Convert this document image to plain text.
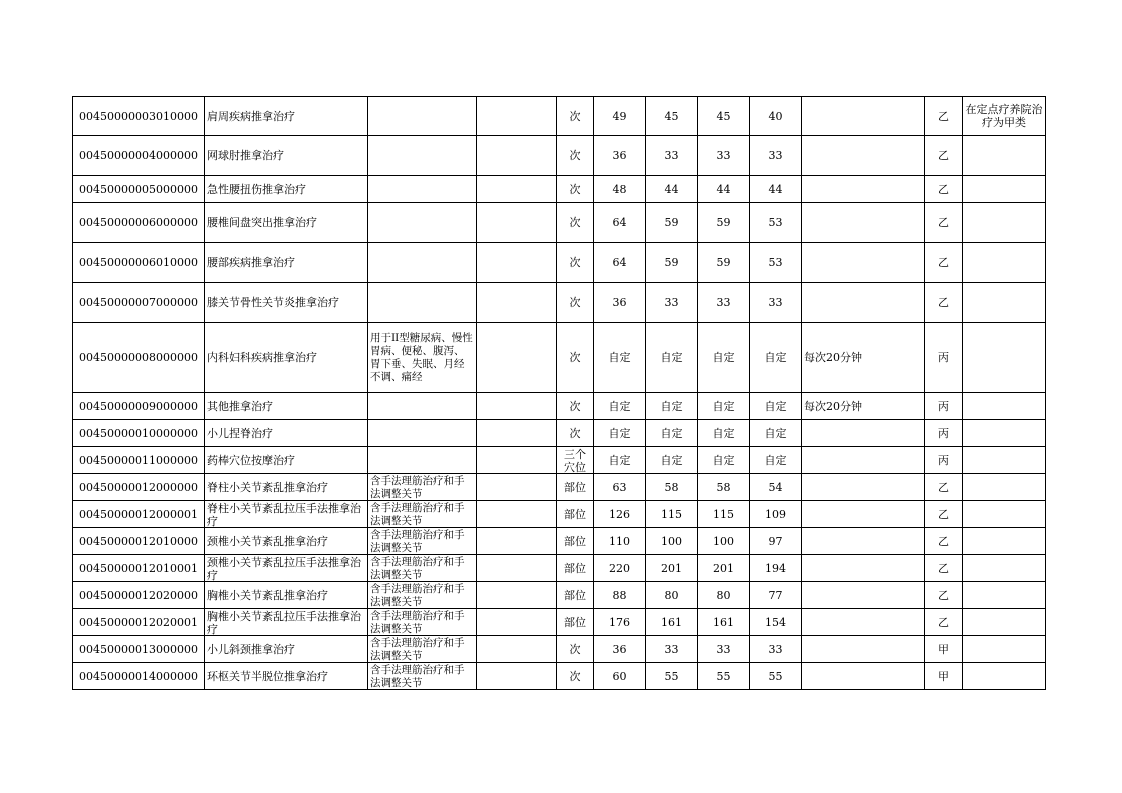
00450000003010000	肩周疾病推拿治疗			次	49	45	45	40		乙	在定点疗养院治疗为甲类

00450000004000000	网球肘推拿治疗			次	36	33	33	33		乙	

00450000005000000	急性腰扭伤推拿治疗			次	48	44	44	44		乙	

00450000006000000	腰椎间盘突出推拿治疗			次	64	59	59	53		乙	

00450000006010000	腰部疾病推拿治疗			次	64	59	59	53		乙	

00450000007000000	膝关节骨性关节炎推拿治疗			次	36	33	33	33		乙	

00450000008000000	内科妇科疾病推拿治疗	用于II型糖尿病、慢性胃病、便秘、腹泻、胃下垂、失眠、月经不调、痛经		次	自定	自定	自定	自定	每次20分钟	丙	

00450000009000000	其他推拿治疗			次	自定	自定	自定	自定	每次20分钟	丙	

00450000010000000	小儿捏脊治疗			次	自定	自定	自定	自定		丙	

00450000011000000	药棒穴位按摩治疗			三个穴位	自定	自定	自定	自定		丙	

00450000012000000	脊柱小关节紊乱推拿治疗	含手法理筋治疗和手法调整关节		部位	63	58	58	54		乙	

00450000012000001	脊柱小关节紊乱拉压手法推拿治疗	含手法理筋治疗和手法调整关节		部位	126	115	115	109		乙	

00450000012010000	颈椎小关节紊乱推拿治疗	含手法理筋治疗和手法调整关节		部位	110	100	100	97		乙	

00450000012010001	颈椎小关节紊乱拉压手法推拿治疗	含手法理筋治疗和手法调整关节		部位	220	201	201	194		乙	

00450000012020000	胸椎小关节紊乱推拿治疗	含手法理筋治疗和手法调整关节		部位	88	80	80	77		乙	

00450000012020001	胸椎小关节紊乱拉压手法推拿治疗	含手法理筋治疗和手法调整关节		部位	176	161	161	154		乙	

00450000013000000	小儿斜颈推拿治疗	含手法理筋治疗和手法调整关节		次	36	33	33	33		甲	

00450000014000000	环枢关节半脱位推拿治疗	含手法理筋治疗和手法调整关节		次	60	55	55	55		甲	
